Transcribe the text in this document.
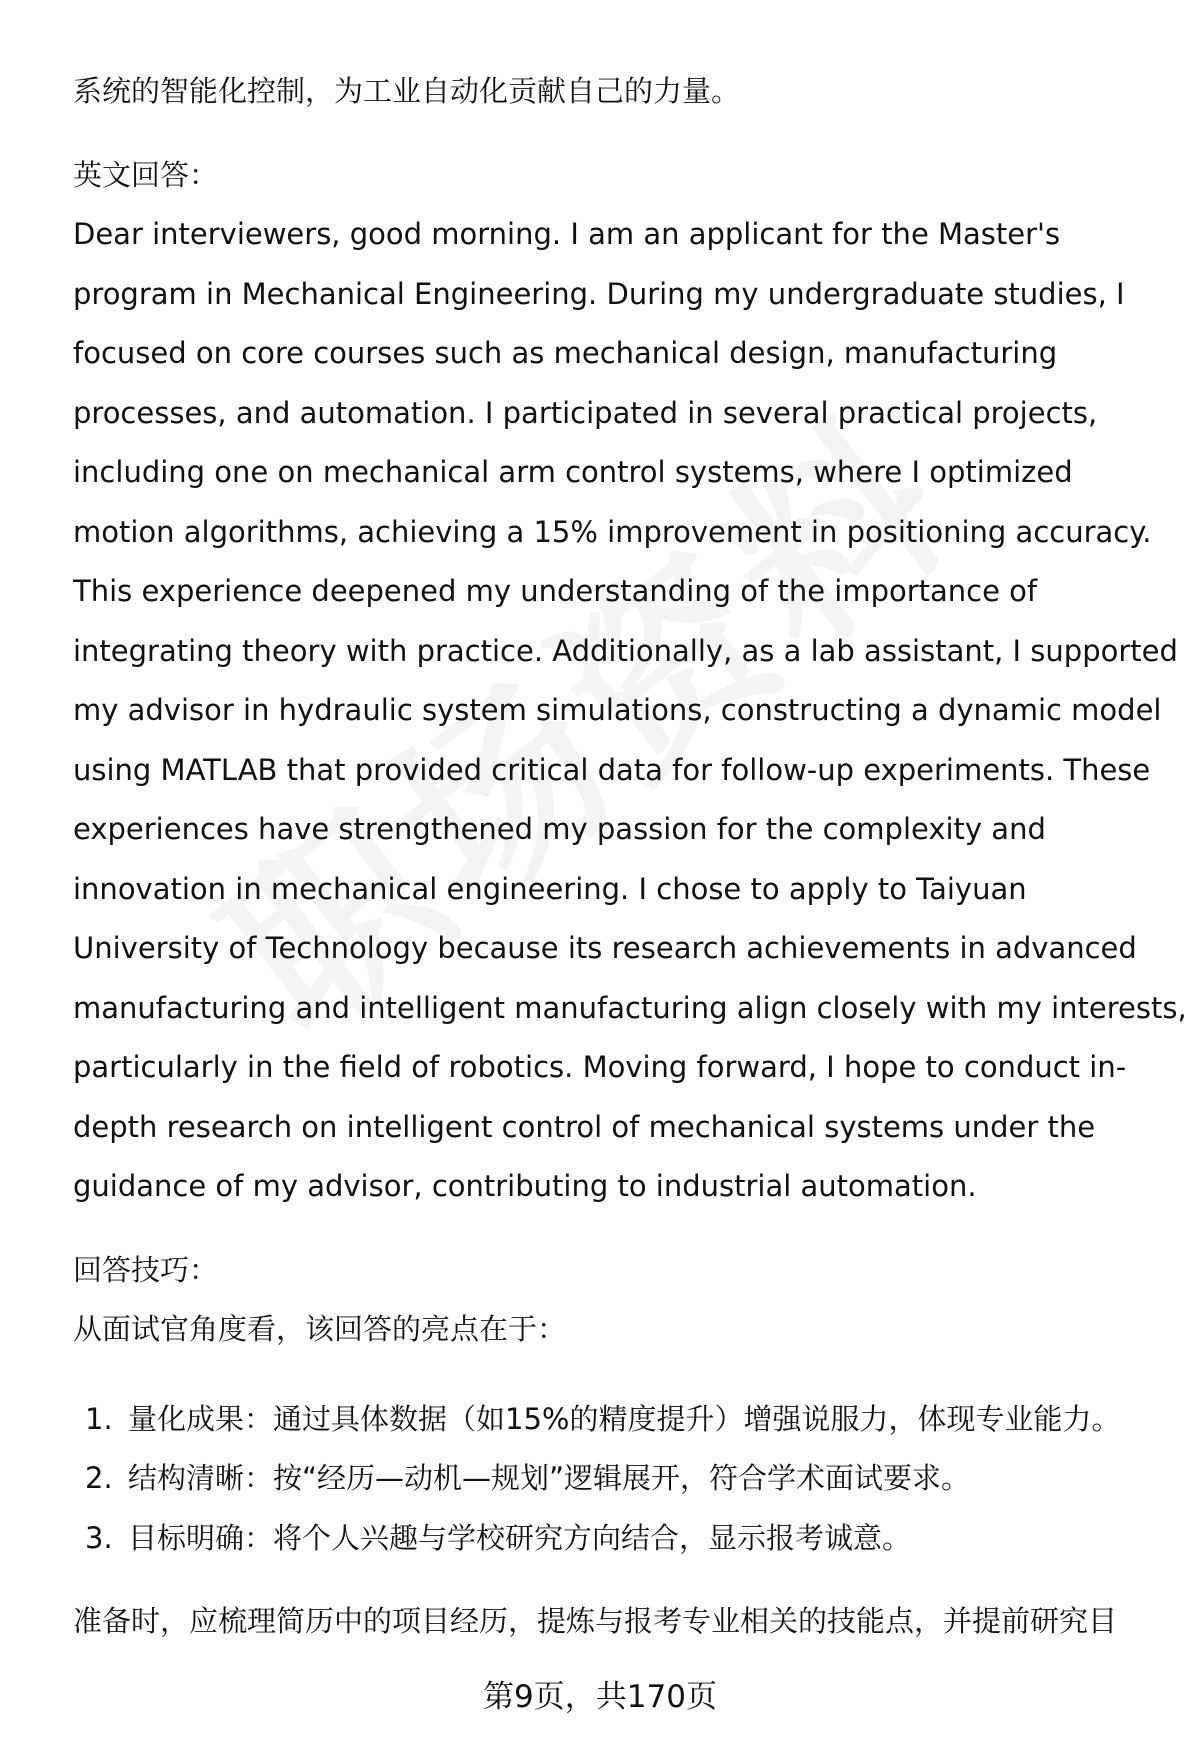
系统的智能化控制，为工业自动化贡献自己的力量。

英文回答：

Dear interviewers, good morning. I am an applicant for the Master's

program in Mechanical Engineering. During my undergraduate studies, I

focused on core courses such as mechanical design, manufacturing

processes, and automation. I participated in several practical projects,

including one on mechanical arm control systems, where I optimized

motion algorithms, achieving a 15% improvement in positioning accuracy.

This experience deepened my understanding of the importance of

integrating theory with practice. Additionally, as a lab assistant, I supported

my advisor in hydraulic system simulations, constructing a dynamic model

using MATLAB that provided critical data for follow-up experiments. These

experiences have strengthened my passion for the complexity and

innovation in mechanical engineering. I chose to apply to Taiyuan

University of Technology because its research achievements in advanced

manufacturing and intelligent manufacturing align closely with my interests,

particularly in the field of robotics. Moving forward, I hope to conduct in-

depth research on intelligent control of mechanical systems under the

guidance of my advisor, contributing to industrial automation.

回答技巧：

从面试官角度看，该回答的亮点在于：

1. 量化成果：通过具体数据（如15%的精度提升）增强说服力，体现专业能力。
2. 结构清晰：按“经历—动机—规划”逻辑展开，符合学术面试要求。
3. 目标明确：将个人兴趣与学校研究方向结合，显示报考诚意。

准备时，应梳理简历中的项目经历，提炼与报考专业相关的技能点，并提前研究目

第9页，共170页
